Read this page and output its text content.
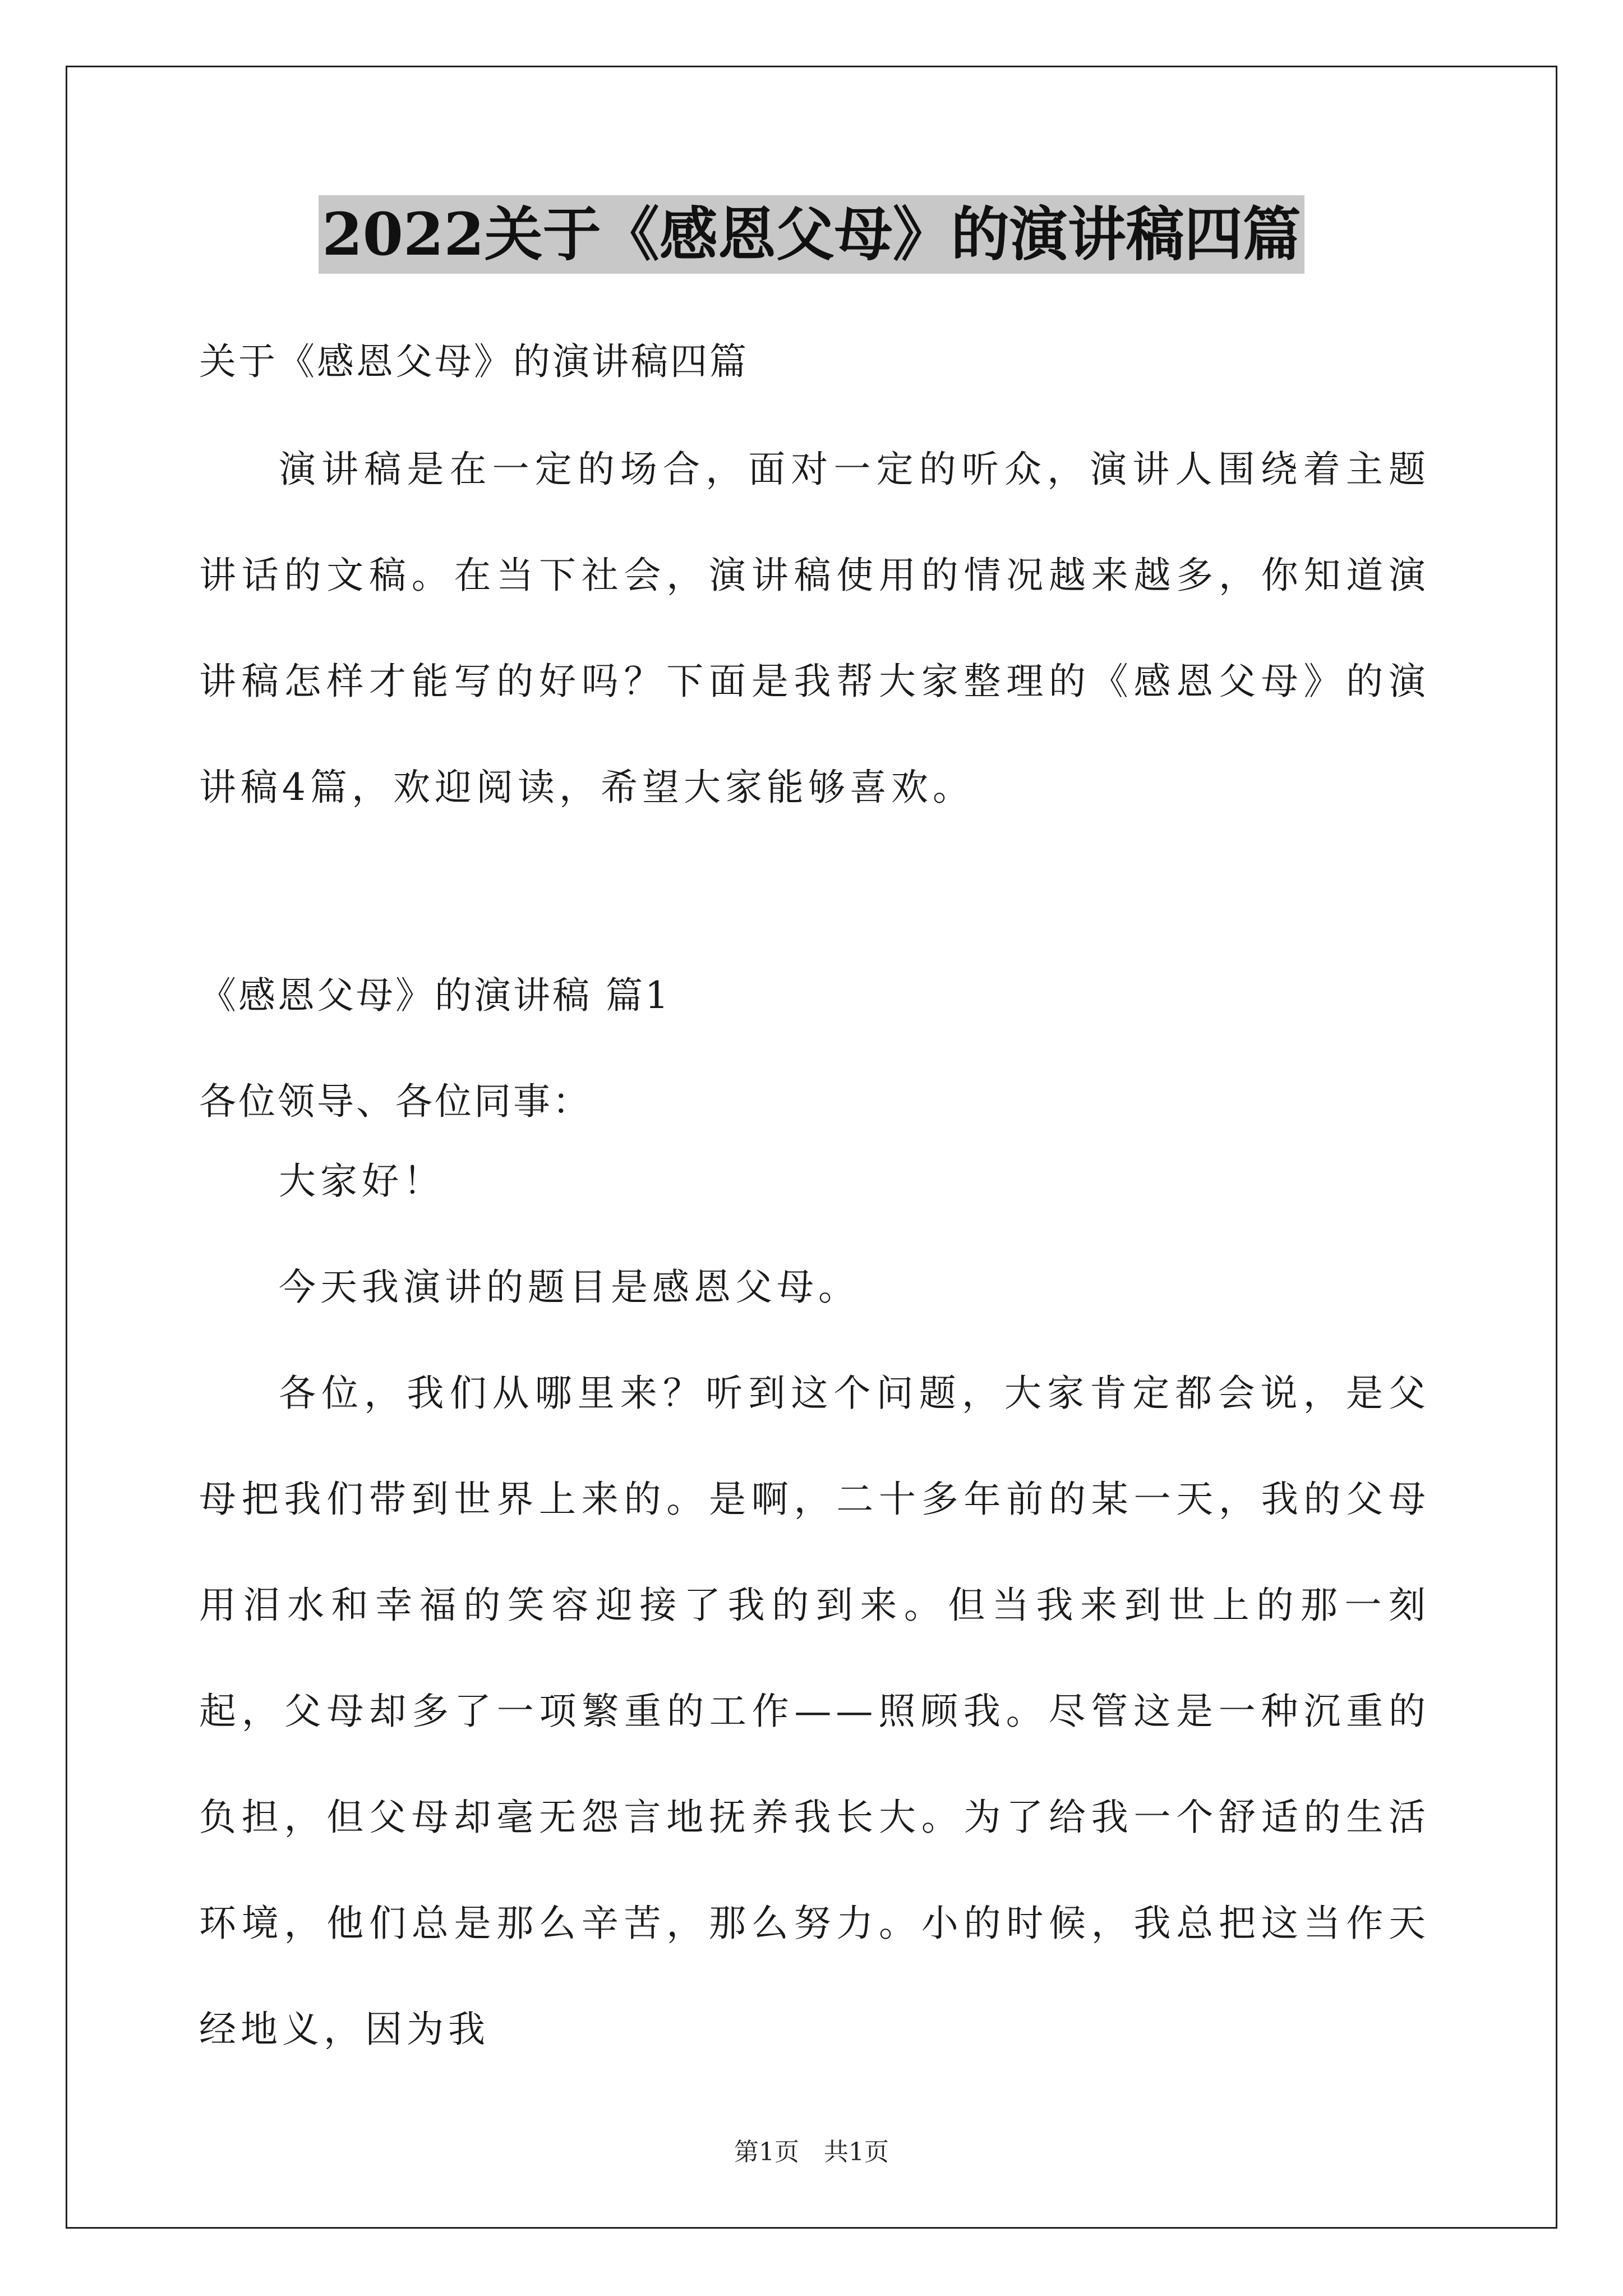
2022关于《感恩父母》的演讲稿四篇

关于《感恩父母》的演讲稿四篇

演讲稿是在一定的场合，面对一定的听众，演讲人围绕着主题讲话的文稿。在当下社会，演讲稿使用的情况越来越多，你知道演讲稿怎样才能写的好吗？下面是我帮大家整理的《感恩父母》的演讲稿4篇，欢迎阅读，希望大家能够喜欢。

《感恩父母》的演讲稿 篇1

各位领导、各位同事：

大家好！

今天我演讲的题目是感恩父母。

各位，我们从哪里来？听到这个问题，大家肯定都会说，是父母把我们带到世界上来的。是啊，二十多年前的某一天，我的父母用泪水和幸福的笑容迎接了我的到来。但当我来到世上的那一刻起，父母却多了一项繁重的工作——照顾我。尽管这是一种沉重的负担，但父母却毫无怨言地抚养我长大。为了给我一个舒适的生活环境，他们总是那么辛苦，那么努力。小的时候，我总把这当作天经地义，因为我

第1页　共1页
